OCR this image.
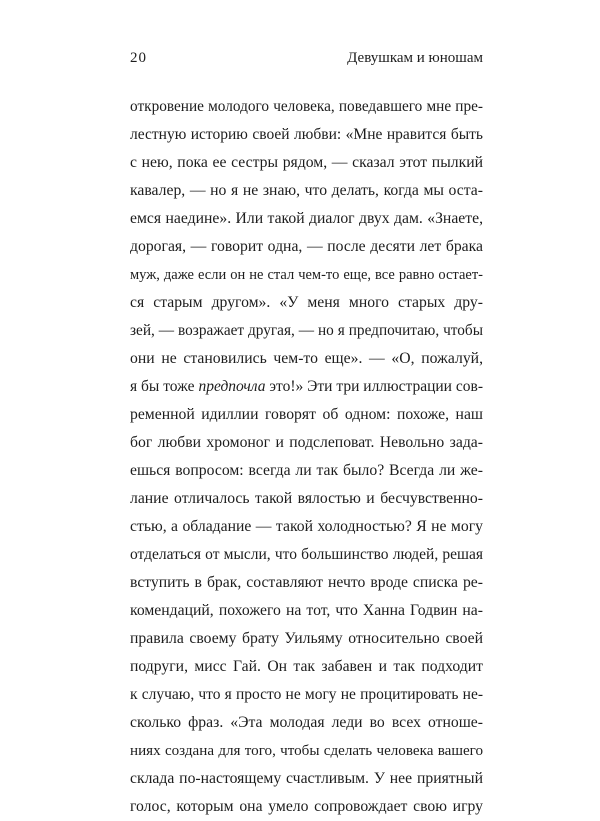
20	Девушкам и юношам
откровение молодого человека, поведавшего мне пре-
лестную историю своей любви: «Мне нравится быть
с нею, пока ее сестры рядом, — сказал этот пылкий
кавалер, — но я не знаю, что делать, когда мы оста-
емся наедине». Или такой диалог двух дам. «Знаете,
дорогая, — говорит одна, — после десяти лет брака
муж, даже если он не стал чем-то еще, все равно остает-
ся старым другом». «У меня много старых дру-
зей, — возражает другая, — но я предпочитаю, чтобы
они не становились чем-то еще». — «О, пожалуй,
я бы тоже предпочла это!» Эти три иллюстрации сов-
ременной идиллии говорят об одном: похоже, наш
бог любви хромоног и подслеповат. Невольно зада-
ешься вопросом: всегда ли так было? Всегда ли же-
лание отличалось такой вялостью и бесчувственно-
стью, а обладание — такой холодностью? Я не могу
отделаться от мысли, что большинство людей, решая
вступить в брак, составляют нечто вроде списка ре-
комендаций, похожего на тот, что Ханна Годвин на-
правила своему брату Уильяму относительно своей
подруги, мисс Гай. Он так забавен и так подходит
к случаю, что я просто не могу не процитировать не-
сколько фраз. «Эта молодая леди во всех отноше-
ниях создана для того, чтобы сделать человека вашего
склада по-настоящему счастливым. У нее приятный
голос, которым она умело сопровождает свою игру
